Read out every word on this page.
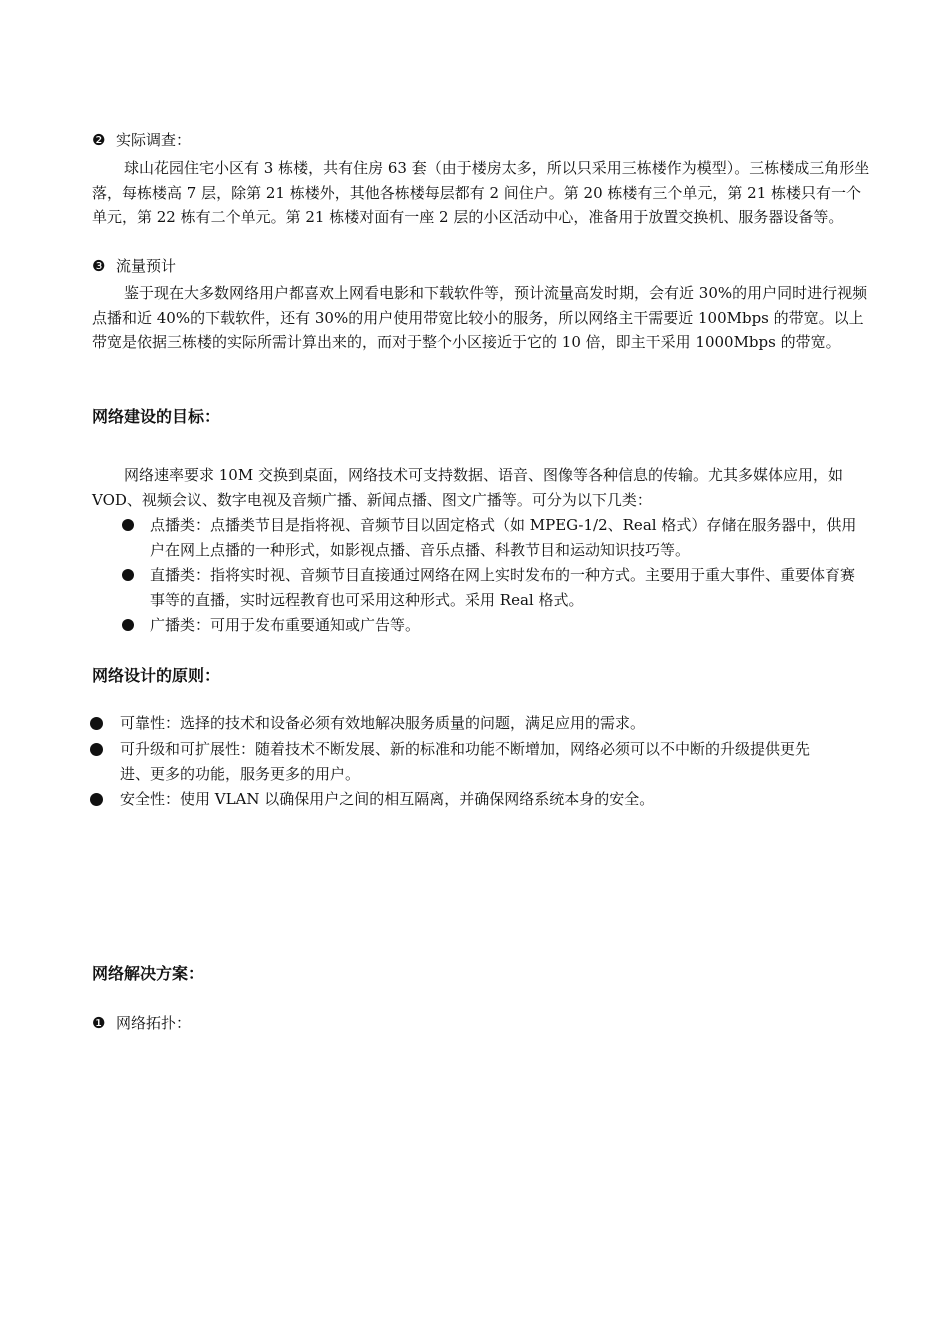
❷ 实际调查：
球山花园住宅小区有 3 栋楼，共有住房 63 套（由于楼房太多，所以只采用三栋楼作为模型）。三栋楼成三角形坐落，每栋楼高 7 层，除第 21 栋楼外，其他各栋楼每层都有 2 间住户。第 20 栋楼有三个单元，第 21 栋楼只有一个单元，第 22 栋有二个单元。第 21 栋楼对面有一座 2 层的小区活动中心，准备用于放置交换机、服务器设备等。
❸ 流量预计
鉴于现在大多数网络用户都喜欢上网看电影和下载软件等，预计流量高发时期，会有近 30%的用户同时进行视频点播和近 40%的下载软件，还有 30%的用户使用带宽比较小的服务，所以网络主干需要近 100Mbps 的带宽。以上带宽是依据三栋楼的实际所需计算出来的，而对于整个小区接近于它的 10 倍，即主干采用 1000Mbps 的带宽。
网络建设的目标：
网络速率要求 10M 交换到桌面，网络技术可支持数据、语音、图像等各种信息的传输。尤其多媒体应用，如 VOD、视频会议、数字电视及音频广播、新闻点播、图文广播等。可分为以下几类：
点播类：点播类节目是指将视、音频节目以固定格式（如 MPEG-1/2、Real 格式）存储在服务器中，供用户在网上点播的一种形式，如影视点播、音乐点播、科教节目和运动知识技巧等。
直播类：指将实时视、音频节目直接通过网络在网上实时发布的一种方式。主要用于重大事件、重要体育赛事等的直播，实时远程教育也可采用这种形式。采用 Real 格式。
广播类：可用于发布重要通知或广告等。
网络设计的原则：
可靠性：选择的技术和设备必须有效地解决服务质量的问题，满足应用的需求。
可升级和可扩展性：随着技术不断发展、新的标准和功能不断增加，网络必须可以不中断的升级提供更先进、更多的功能，服务更多的用户。
安全性：使用 VLAN 以确保用户之间的相互隔离，并确保网络系统本身的安全。
网络解决方案：
❶ 网络拓扑：
